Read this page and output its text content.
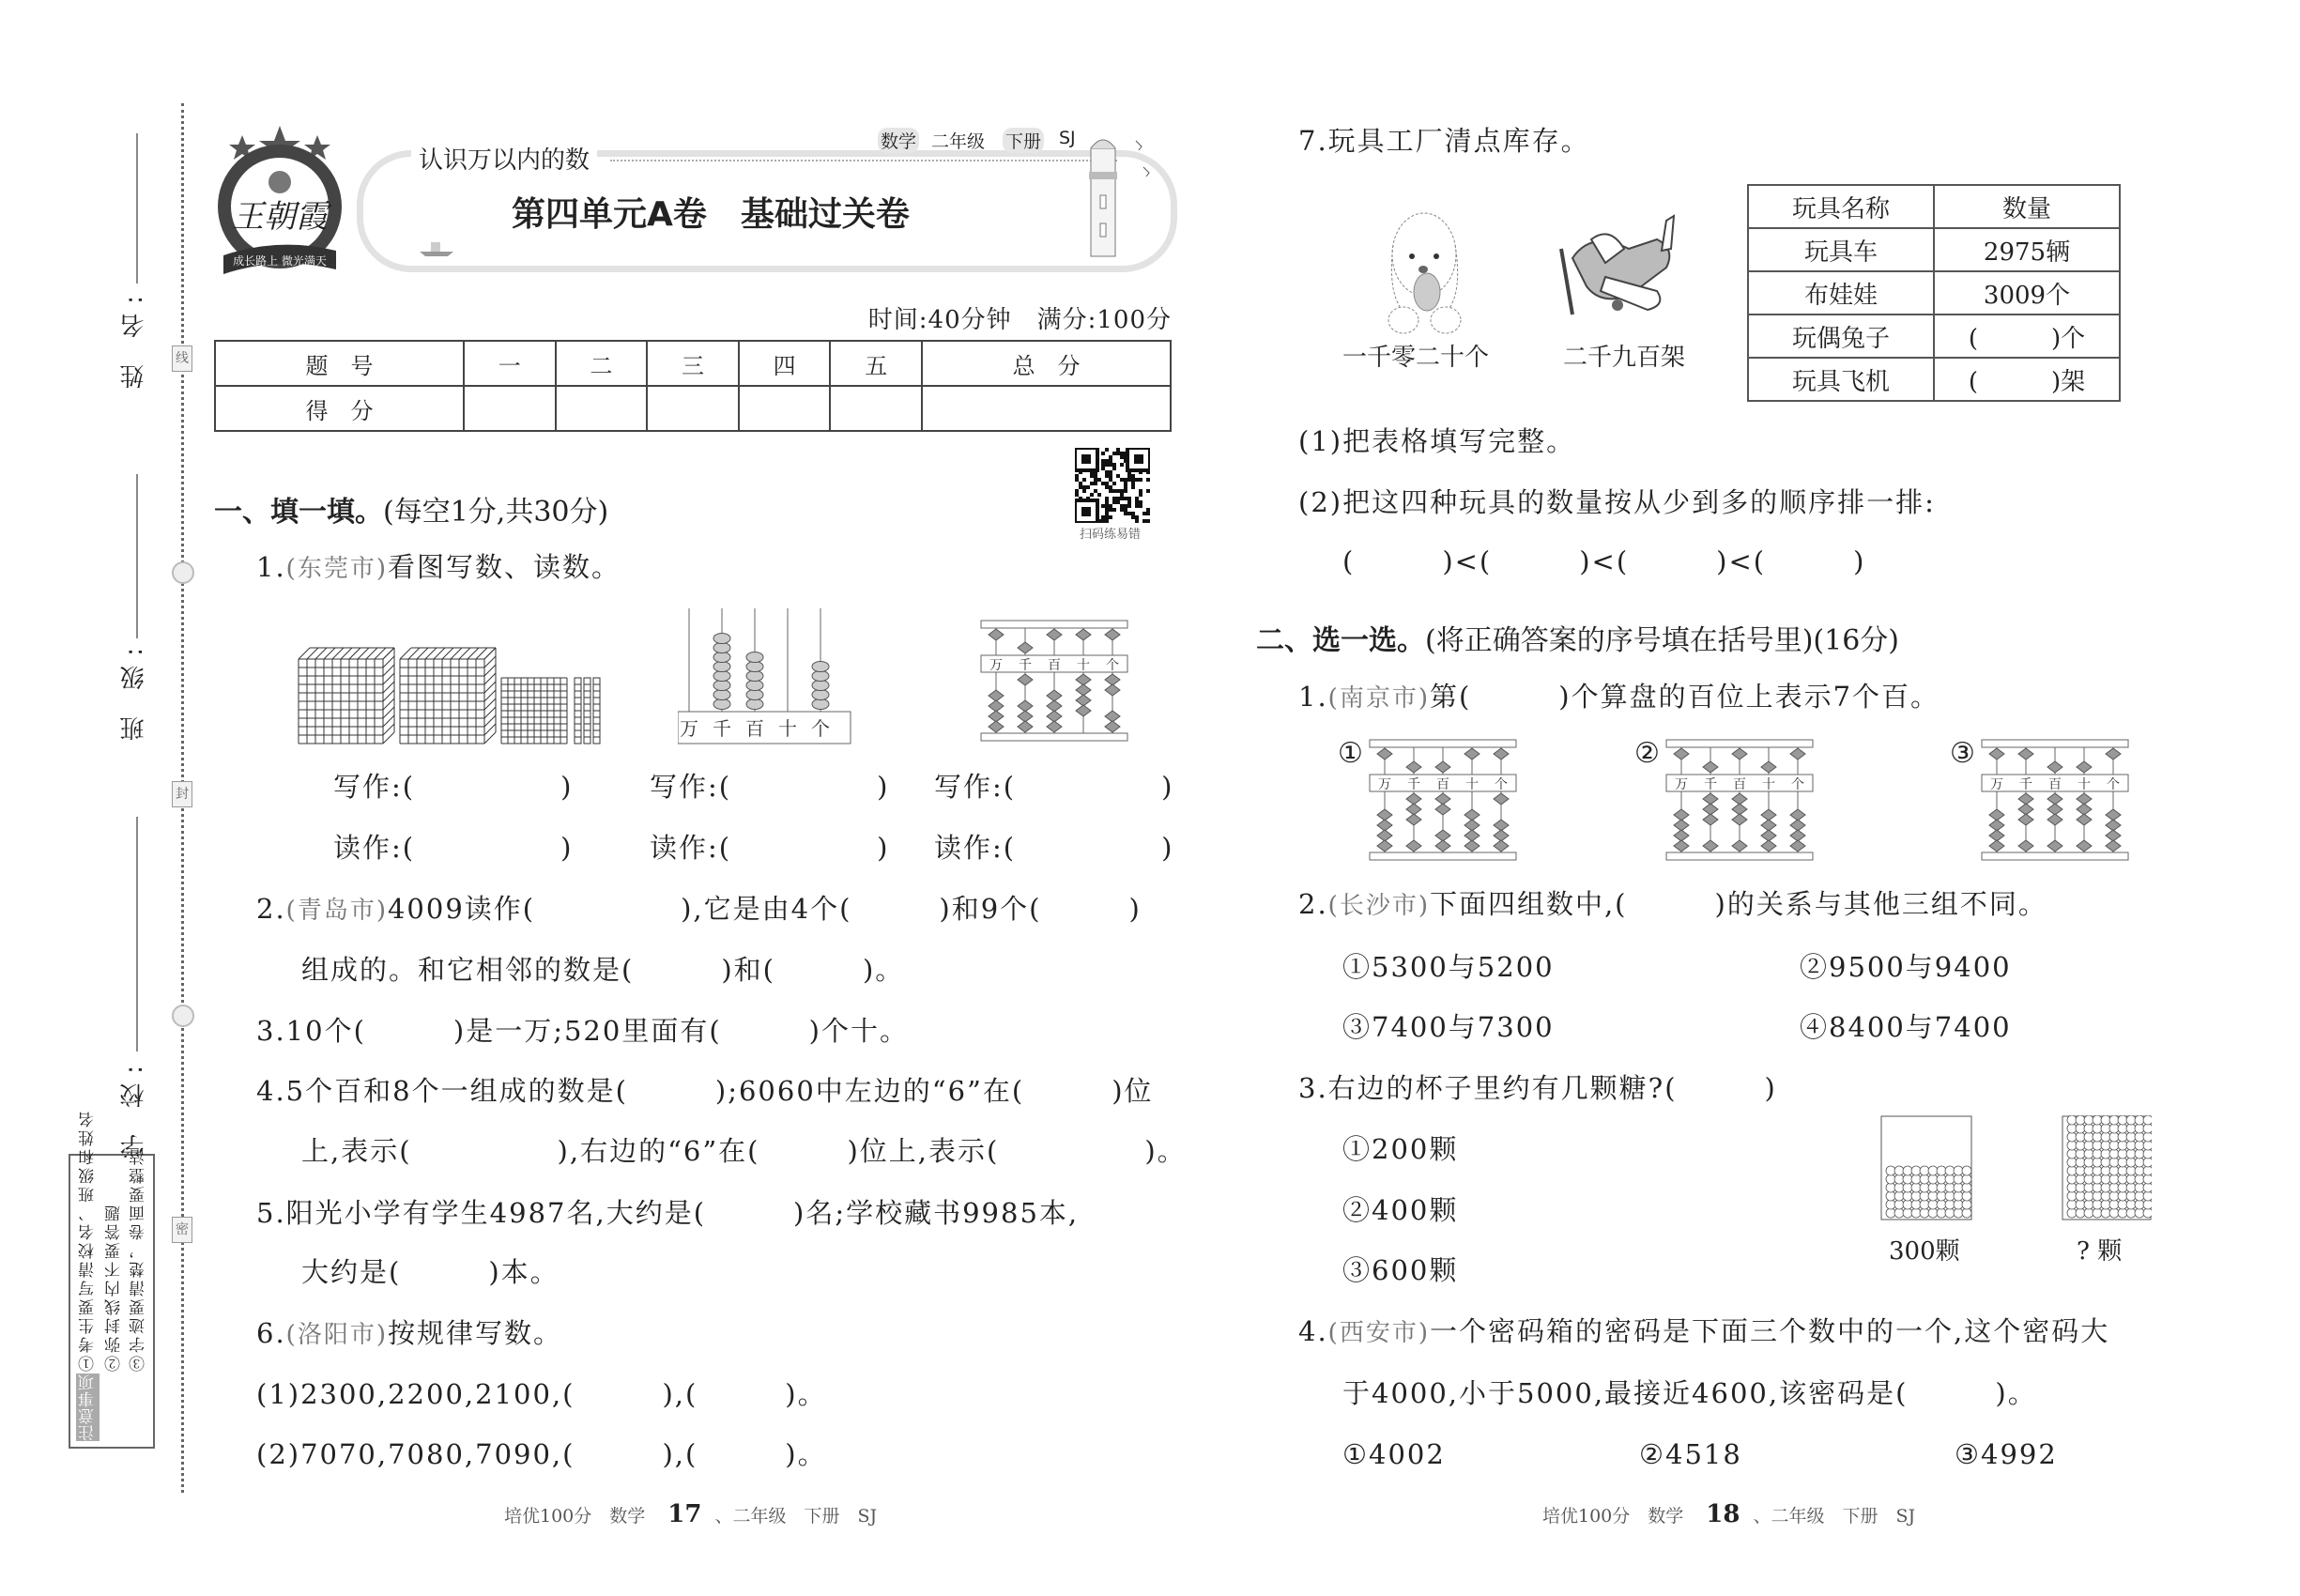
姓 名:
班 级:
学 校:
线
封
密
注意事项
①考生要写清校名、班级和姓名 ②弥封线内不要答题 ③字迹要清楚，卷面要整洁
王朝霞
成长路上 微光满天
认识万以内的数
数学 二年级 下册 SJ
第四单元A卷　基础过关卷
时间:40分钟　满分:100分
题　号	一	二	三	四	五	总　分
得　分						
扫码练易错
一、填一填。(每空1分,共30分)
1.(东莞市)看图写数、读数。
万 千 百 十 个
万 千 百 十 个
写作:(　　　　　)	写作:(　　　　　) 写作:(　　　　　)
读作:(　　　　　)	读作:(　　　　　) 读作:(　　　　　)
2.(青岛市)4009读作(　　　　　),它是由4个(　　　)和9个(　　　)
组成的。和它相邻的数是(　　　)和(　　　)。
3.10个(　　　)是一万;520里面有(　　　)个十。
4.5个百和8个一组成的数是(　　　);6060中左边的“6”在(　　　)位
上,表示(　　　　　),右边的“6”在(　　　)位上,表示(　　　　　)。
5.阳光小学有学生4987名,大约是(　　　)名;学校藏书9985本,
大约是(　　　)本。
6.(洛阳市)按规律写数。
(1)2300,2200,2100,(　　　),(　　　)。
(2)7070,7080,7090,(　　　),(　　　)。
7.玩具工厂清点库存。
一千零二十个	二千九百架
玩具名称	数量
玩具车	2975辆
布娃娃	3009个
玩偶兔子	(　　　)个
玩具飞机	(　　　)架
(1)把表格填写完整。
(2)把这四种玩具的数量按从少到多的顺序排一排:
(　　　)<(　　　)<(　　　)<(　　　)
二、选一选。(将正确答案的序号填在括号里)(16分)
1.(南京市)第(　　　)个算盘的百位上表示7个百。
①
万 千 百 十 个
②
万 千 百 十 个
③
万 千 百 十 个
2.(长沙市)下面四组数中,(　　　)的关系与其他三组不同。
①5300与5200	②9500与9400
③7400与7300	④8400与7400
3.右边的杯子里约有几颗糖?(　　　)
①200颗
②400颗
③600颗
300颗	? 颗
4.(西安市)一个密码箱的密码是下面三个数中的一个,这个密码大
于4000,小于5000,最接近4600,该密码是(　　　)。
①4002	②4518	③4992
培优100分　数学 17 、二年级　下册　SJ	培优100分　数学 18 、二年级　下册　SJ
